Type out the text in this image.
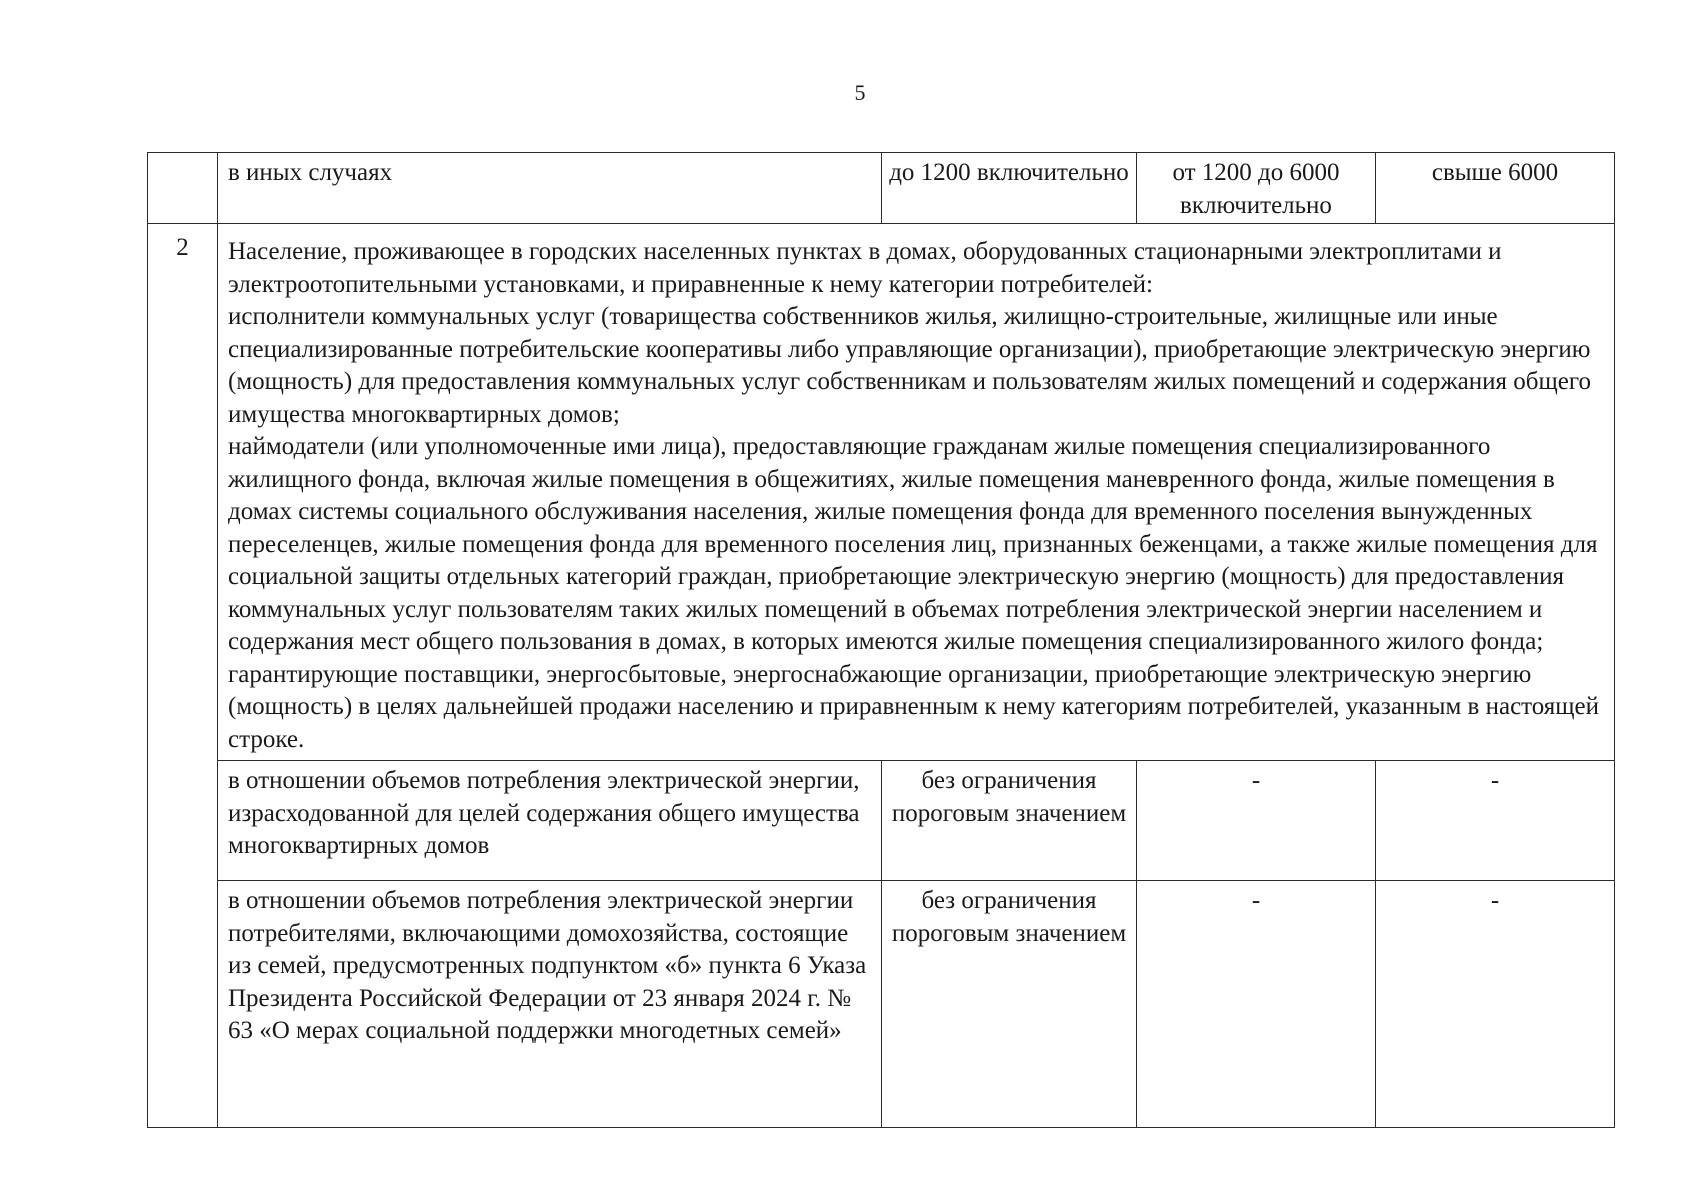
5
	в иных случаях	до 1200 включительно	от 1200 до 6000 включительно	свыше 6000
2	Население, проживающее в городских населенных пунктах в домах, оборудованных стационарными электроплитами и электроотопительными установками, и приравненные к нему категории потребителей:

исполнители коммунальных услуг (товарищества собственников жилья, жилищно-строительные, жилищные или иные специализированные потребительские кооперативы либо управляющие организации), приобретающие электрическую энергию (мощность) для предоставления коммунальных услуг собственникам и пользователям жилых помещений и содержания общего имущества многоквартирных домов;

наймодатели (или уполномоченные ими лица), предоставляющие гражданам жилые помещения специализированного жилищного фонда, включая жилые помещения в общежитиях, жилые помещения маневренного фонда, жилые помещения в домах системы социального обслуживания населения, жилые помещения фонда для временного поселения вынужденных переселенцев, жилые помещения фонда для временного поселения лиц, признанных беженцами, а также жилые помещения для социальной защиты отдельных категорий граждан, приобретающие электрическую энергию (мощность) для предоставления коммунальных услуг пользователям таких жилых помещений в объемах потребления электрической энергии населением и содержания мест общего пользования в домах, в которых имеются жилые помещения специализированного жилого фонда;

гарантирующие поставщики, энергосбытовые, энергоснабжающие организации, приобретающие электрическую энергию (мощность) в целях дальнейшей продажи населению и приравненным к нему категориям потребителей, указанным в настоящей строке.			

	в отношении объемов потребления электрической энергии, израсходованной для целей содержания общего имущества многоквартирных домов	без ограничения пороговым значением	-	-
	в отношении объемов потребления электрической энергии потребителями, включающими домохозяйства, состоящие из семей, предусмотренных подпунктом «б» пункта 6 Указа Президента Российской Федерации от 23 января 2024 г. № 63 «О мерах социальной поддержки многодетных семей»	без ограничения пороговым значением	-	-
